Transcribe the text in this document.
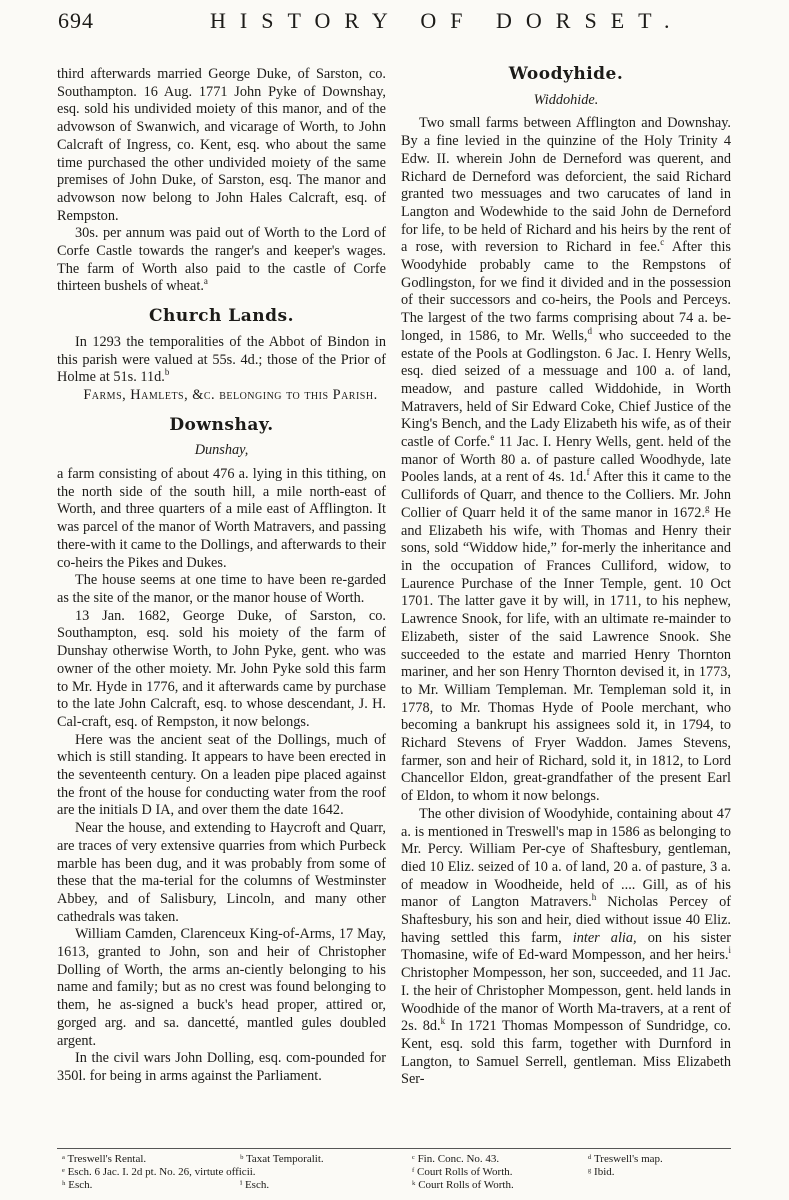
694	HISTORY OF DORSET.

third afterwards married George Duke, of Sarston, co. Southampton. 16 Aug. 1771 John Pyke of Downshay, esq. sold his undivided moiety of this manor, and of the advowson of Swanwich, and vicarage of Worth, to John Calcraft of Ingress, co. Kent, esq. who about the same time purchased the other undivided moiety of the same premises of John Duke, of Sarston, esq. The manor and advowson now belong to John Hales Calcraft, esq. of Rempston.

30s. per annum was paid out of Worth to the Lord of Corfe Castle towards the ranger's and keeper's wages. The farm of Worth also paid to the castle of Corfe thirteen bushels of wheat.$^a$

Church Lands.

In 1293 the temporalities of the Abbot of Bindon in this parish were valued at 55s. 4d.; those of the Prior of Holme at 51s. 11d.$^b$

Farms, Hamlets, &c. belonging to this Parish.

Downshay.
Dunshay,

a farm consisting of about 476 a. lying in this tithing, on the north side of the south hill, a mile north-east of Worth, and three quarters of a mile east of Afflington. It was parcel of the manor of Worth Matravers, and passing there-with it came to the Dollings, and afterwards to their co-heirs the Pikes and Dukes.

The house seems at one time to have been re-garded as the site of the manor, or the manor house of Worth.

13 Jan. 1682, George Duke, of Sarston, co. Southampton, esq. sold his moiety of the farm of Dunshay otherwise Worth, to John Pyke, gent. who was owner of the other moiety. Mr. John Pyke sold this farm to Mr. Hyde in 1776, and it afterwards came by purchase to the late John Calcraft, esq. to whose descendant, J. H. Cal-craft, esq. of Rempston, it now belongs.

Here was the ancient seat of the Dollings, much of which is still standing. It appears to have been erected in the seventeenth century. On a leaden pipe placed against the front of the house for conducting water from the roof are the initials D IA, and over them the date 1642.

Near the house, and extending to Haycroft and Quarr, are traces of very extensive quarries from which Purbeck marble has been dug, and it was probably from some of these that the ma-terial for the columns of Westminster Abbey, and of Salisbury, Lincoln, and many other cathedrals was taken.

William Camden, Clarenceux King-of-Arms, 17 May, 1613, granted to John, son and heir of Christopher Dolling of Worth, the arms an-ciently belonging to his name and family; but as no crest was found belonging to them, he as-signed a buck's head proper, attired or, gorged arg. and sa. dancetté, mantled gules doubled argent.

In the civil wars John Dolling, esq. com-pounded for 350l. for being in arms against the Parliament.

Woodyhide.
Widdohide.

Two small farms between Afflington and Downshay. By a fine levied in the quinzine of the Holy Trinity 4 Edw. II. wherein John de Derneford was querent, and Richard de Derneford was deforcient, the said Richard granted two messuages and two carucates of land in Langton and Wodewhide to the said John de Derneford for life, to be held of Richard and his heirs by the rent of a rose, with reversion to Richard in fee.$^c$ After this Woodyhide probably came to the Rempstons of Godlingston, for we find it divided and in the possession of their successors and co-heirs, the Pools and Perceys. The largest of the two farms comprising about 74 a. be-longed, in 1586, to Mr. Wells,$^d$ who succeeded to the estate of the Pools at Godlingston. 6 Jac. I. Henry Wells, esq. died seized of a messuage and 100 a. of land, meadow, and pasture called Widdohide, in Worth Matravers, held of Sir Edward Coke, Chief Justice of the King's Bench, and the Lady Elizabeth his wife, as of their castle of Corfe.$^e$ 11 Jac. I. Henry Wells, gent. held of the manor of Worth 80 a. of pasture called Woodhyde, late Pooles lands, at a rent of 4s. 1d.$^f$ After this it came to the Cullifords of Quarr, and thence to the Colliers. Mr. John Collier of Quarr held it of the same manor in 1672.$^g$ He and Elizabeth his wife, with Thomas and Henry their sons, sold “Widdow hide,” for-merly the inheritance and in the occupation of Frances Culliford, widow, to Laurence Purchase of the Inner Temple, gent. 10 Oct 1701. The latter gave it by will, in 1711, to his nephew, Lawrence Snook, for life, with an ultimate re-mainder to Elizabeth, sister of the said Lawrence Snook. She succeeded to the estate and married Henry Thornton mariner, and her son Henry Thornton devised it, in 1773, to Mr. William Templeman. Mr. Templeman sold it, in 1778, to Mr. Thomas Hyde of Poole merchant, who becoming a bankrupt his assignees sold it, in 1794, to Richard Stevens of Fryer Waddon. James Stevens, farmer, son and heir of Richard, sold it, in 1812, to Lord Chancellor Eldon, great-grandfather of the present Earl of Eldon, to whom it now belongs.

The other division of Woodyhide, containing about 47 a. is mentioned in Treswell's map in 1586 as belonging to Mr. Percy. William Per-cye of Shaftesbury, gentleman, died 10 Eliz. seized of 10 a. of land, 20 a. of pasture, 3 a. of meadow in Woodheide, held of .... Gill, as of his manor of Langton Matravers.$^h$ Nicholas Percey of Shaftesbury, his son and heir, died without issue 40 Eliz. having settled this farm, inter alia, on his sister Thomasine, wife of Ed-ward Mompesson, and her heirs.$^i$ Christopher Mompesson, her son, succeeded, and 11 Jac. I. the heir of Christopher Mompesson, gent. held lands in Woodhide of the manor of Worth Ma-travers, at a rent of 2s. 8d.$^k$ In 1721 Thomas Mompesson of Sundridge, co. Kent, esq. sold this farm, together with Durnford in Langton, to Samuel Serrell, gentleman. Miss Elizabeth Ser-

ᵃ Treswell's Rental.	ᵇ Taxat Temporalit.	ᶜ Fin. Conc. No. 43.	ᵈ Treswell's map.
ᵉ Esch. 6 Jac. I. 2d pt. No. 26, virtute officii.	ᶠ Court Rolls of Worth.	ᵍ Ibid.
ʰ Esch.	ⁱ Esch.	ᵏ Court Rolls of Worth.
